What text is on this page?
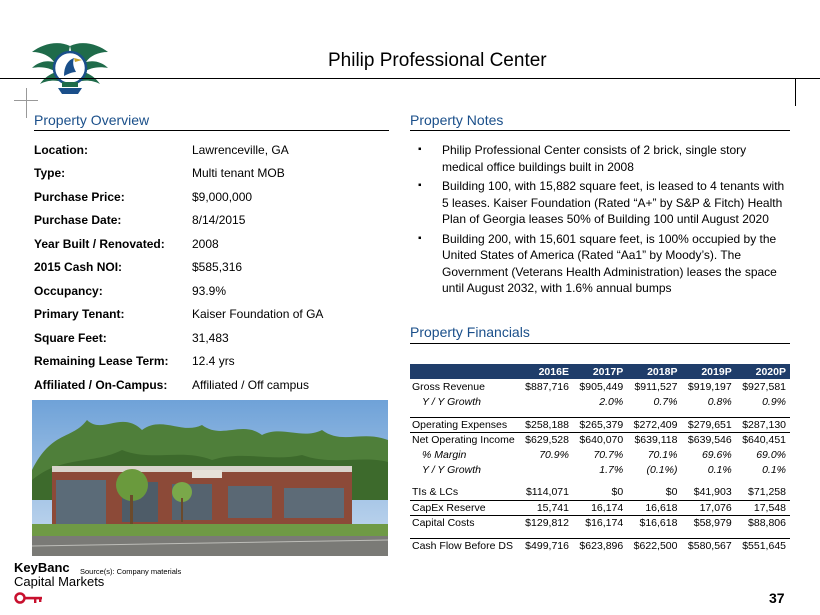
Philip Professional Center
Property Overview
Location:	Lawrenceville, GA
Type:	Multi tenant MOB
Purchase Price:	$9,000,000
Purchase Date:	8/14/2015
Year Built / Renovated: 2008
2015 Cash NOI:	$585,316
Occupancy:	93.9%
Primary Tenant:	Kaiser Foundation of GA
Square Feet:	31,483
Remaining Lease Term: 12.4 yrs
Affiliated / On-Campus: Affiliated / Off campus
Property Notes
▪ Philip Professional Center consists of 2 brick, single story medical office buildings built in 2008
▪ Building 100, with 15,882 square feet, is leased to 4 tenants with 5 leases. Kaiser Foundation (Rated “A+” by S&P & Fitch) Health Plan of Georgia leases 50% of Building 100 until August 2020
▪ Building 200, with 15,601 square feet, is 100% occupied by the United States of America (Rated “Aa1” by Moody’s). The Government (Veterans Health Administration) leases the space until August 2032, with 1.6% annual bumps
Property Financials
	2016E	2017P	2018P	2019P	2020P
Gross Revenue	$887,716	$905,449	$911,527	$919,197	$927,581
Y / Y Growth		2.0%	0.7%	0.8%	0.9%

Operating Expenses	$258,188	$265,379	$272,409	$279,651	$287,130
Net Operating Income	$629,528	$640,070	$639,118	$639,546	$640,451
% Margin	70.9%	70.7%	70.1%	69.6%	69.0%
Y / Y Growth		1.7%	(0.1%)	0.1%	0.1%

TIs & LCs	$114,071	$0	$0	$41,903	$71,258
CapEx Reserve	15,741	16,174	16,618	17,076	17,548
Capital Costs	$129,812	$16,174	$16,618	$58,979	$88,806

Cash Flow Before DS	$499,716	$623,896	$622,500	$580,567	$551,645
KeyBanc
Capital Markets
Source(s): Company materials
37
